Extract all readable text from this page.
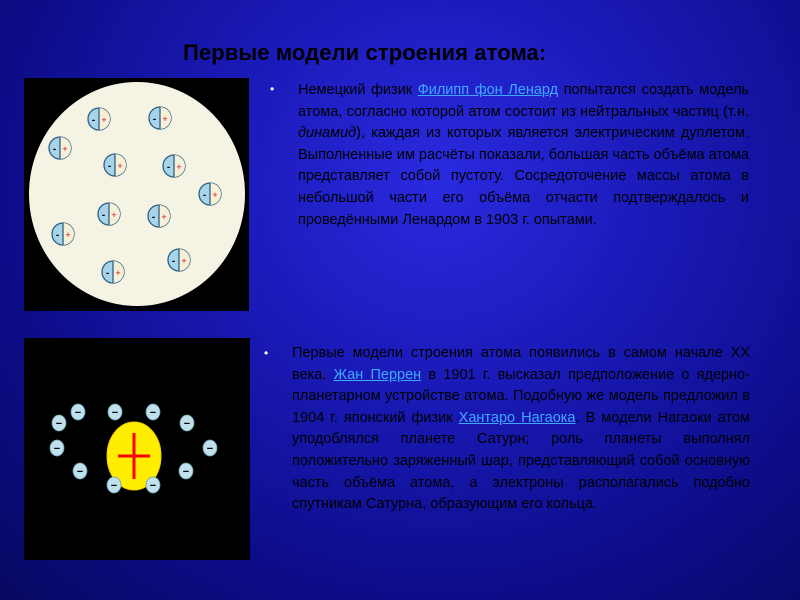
Первые модели строения атома:
- +	- +
- +
- +	- +
- +
- +	- +
- +
- +
- +
−	−	−
−
−	−
−
−	−
−
−
• Немецкий физик Филипп фон Ленард попытался создать модель атома, согласно которой атом состоит из нейтральных частиц (т.н. динамид), каждая из которых является электрическим дуплетом. Выполненные им расчёты показали, большая часть объёма атома представляет собой пустоту. Сосредоточение массы атома в небольшой части его объёма отчасти подтверждалось и проведёнными Ленардом в 1903 г. опытами.

• Первые модели строения атома появились в самом начале XX века. Жан Перрен в 1901 г. высказал предположение о ядерно-планетарном устройстве атома. Подобную же модель предложил в 1904 г. японский физик Хантаро Нагаока. В модели Нагаоки атом уподоблялся планете Сатурн; роль планеты выполнял положительно заряженный шар, представляющий собой основную часть объёма атома, а электроны располагались подобно спутникам Сатурна, образующим его кольца.
